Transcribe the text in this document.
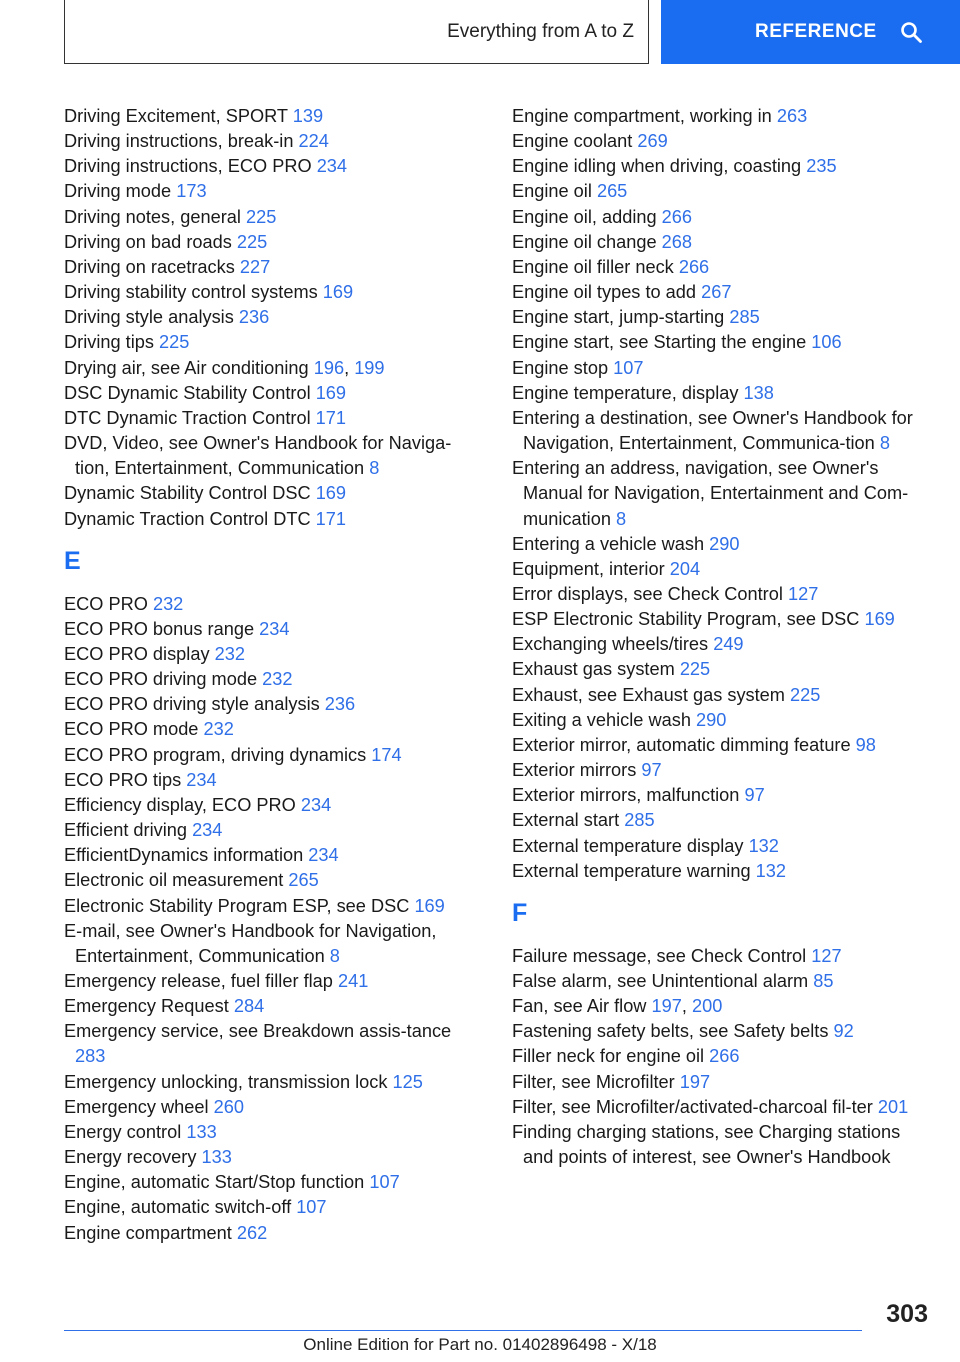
Everything from A to Z	REFERENCE
Driving Excitement, SPORT 139
Driving instructions, break-in 224
Driving instructions, ECO PRO 234
Driving mode 173
Driving notes, general 225
Driving on bad roads 225
Driving on racetracks 227
Driving stability control systems 169
Driving style analysis 236
Driving tips 225
Drying air, see Air conditioning 196, 199
DSC Dynamic Stability Control 169
DTC Dynamic Traction Control 171
DVD, Video, see Owner's Handbook for Naviga‐tion, Entertainment, Communication 8
Dynamic Stability Control DSC 169
Dynamic Traction Control DTC 171
E
ECO PRO 232
ECO PRO bonus range 234
ECO PRO display 232
ECO PRO driving mode 232
ECO PRO driving style analysis 236
ECO PRO mode 232
ECO PRO program, driving dynamics 174
ECO PRO tips 234
Efficiency display, ECO PRO 234
Efficient driving 234
EfficientDynamics information 234
Electronic oil measurement 265
Electronic Stability Program ESP, see DSC 169
E-mail, see Owner's Handbook for Navigation, Entertainment, Communication 8
Emergency release, fuel filler flap 241
Emergency Request 284
Emergency service, see Breakdown assis‐tance 283
Emergency unlocking, transmission lock 125
Emergency wheel 260
Energy control 133
Energy recovery 133
Engine, automatic Start/Stop function 107
Engine, automatic switch-off 107
Engine compartment 262
Engine compartment, working in 263
Engine coolant 269
Engine idling when driving, coasting 235
Engine oil 265
Engine oil, adding 266
Engine oil change 268
Engine oil filler neck 266
Engine oil types to add 267
Engine start, jump-starting 285
Engine start, see Starting the engine 106
Engine stop 107
Engine temperature, display 138
Entering a destination, see Owner's Handbook for Navigation, Entertainment, Communica‐tion 8
Entering an address, navigation, see Owner's Manual for Navigation, Entertainment and Com‐munication 8
Entering a vehicle wash 290
Equipment, interior 204
Error displays, see Check Control 127
ESP Electronic Stability Program, see DSC 169
Exchanging wheels/tires 249
Exhaust gas system 225
Exhaust, see Exhaust gas system 225
Exiting a vehicle wash 290
Exterior mirror, automatic dimming feature 98
Exterior mirrors 97
Exterior mirrors, malfunction 97
External start 285
External temperature display 132
External temperature warning 132
F
Failure message, see Check Control 127
False alarm, see Unintentional alarm 85
Fan, see Air flow 197, 200
Fastening safety belts, see Safety belts 92
Filler neck for engine oil 266
Filter, see Microfilter 197
Filter, see Microfilter/activated-charcoal fil‐ter 201
Finding charging stations, see Charging stations and points of interest, see Owner's Handbook
303
Online Edition for Part no. 01402896498 - X/18
